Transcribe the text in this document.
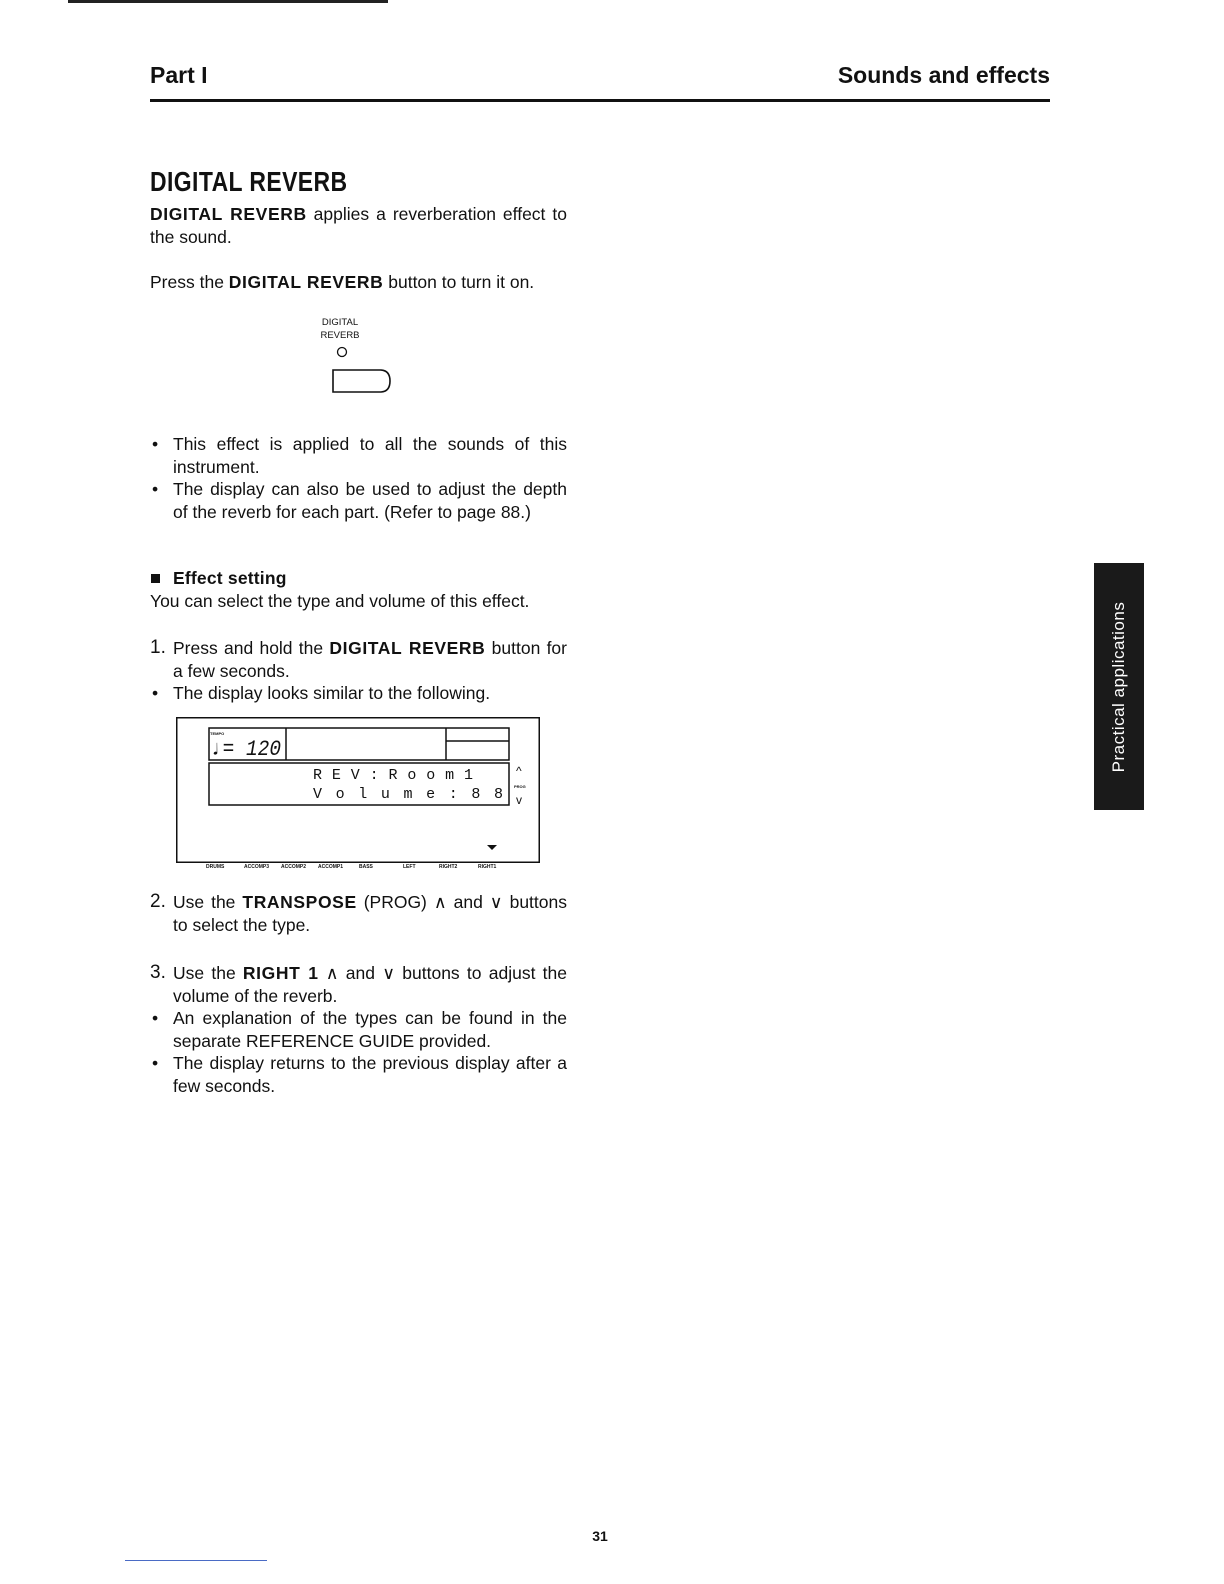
Part I	Sounds and effects
DIGITAL REVERB

DIGITAL REVERB applies a reverberation effect to the sound.

Press the DIGITAL REVERB button to turn it on.

DIGITAL
REVERB

• This effect is applied to all the sounds of this instrument.

• The display can also be used to adjust the depth of the reverb for each part. (Refer to page 88.)

Effect setting

You can select the type and volume of this effect.

1. Press and hold the DIGITAL REVERB button for a few seconds.

• The display looks similar to the following.

TEMPO
♩= 120
R E V : R o o m 1
V o l u m e : 8 8
^
PROG
v
DRUMS	ACCOMP3 ACCOMP2 ACCOMP1	BASS	LEFT	RIGHT2	RIGHT1

2. Use the TRANSPOSE (PROG) ∧ and ∨ buttons to select the type.

3. Use the RIGHT 1 ∧ and ∨ buttons to adjust the volume of the reverb.

• An explanation of the types can be found in the separate REFERENCE GUIDE provided.

• The display returns to the previous display after a few seconds.

Practical applications
31
